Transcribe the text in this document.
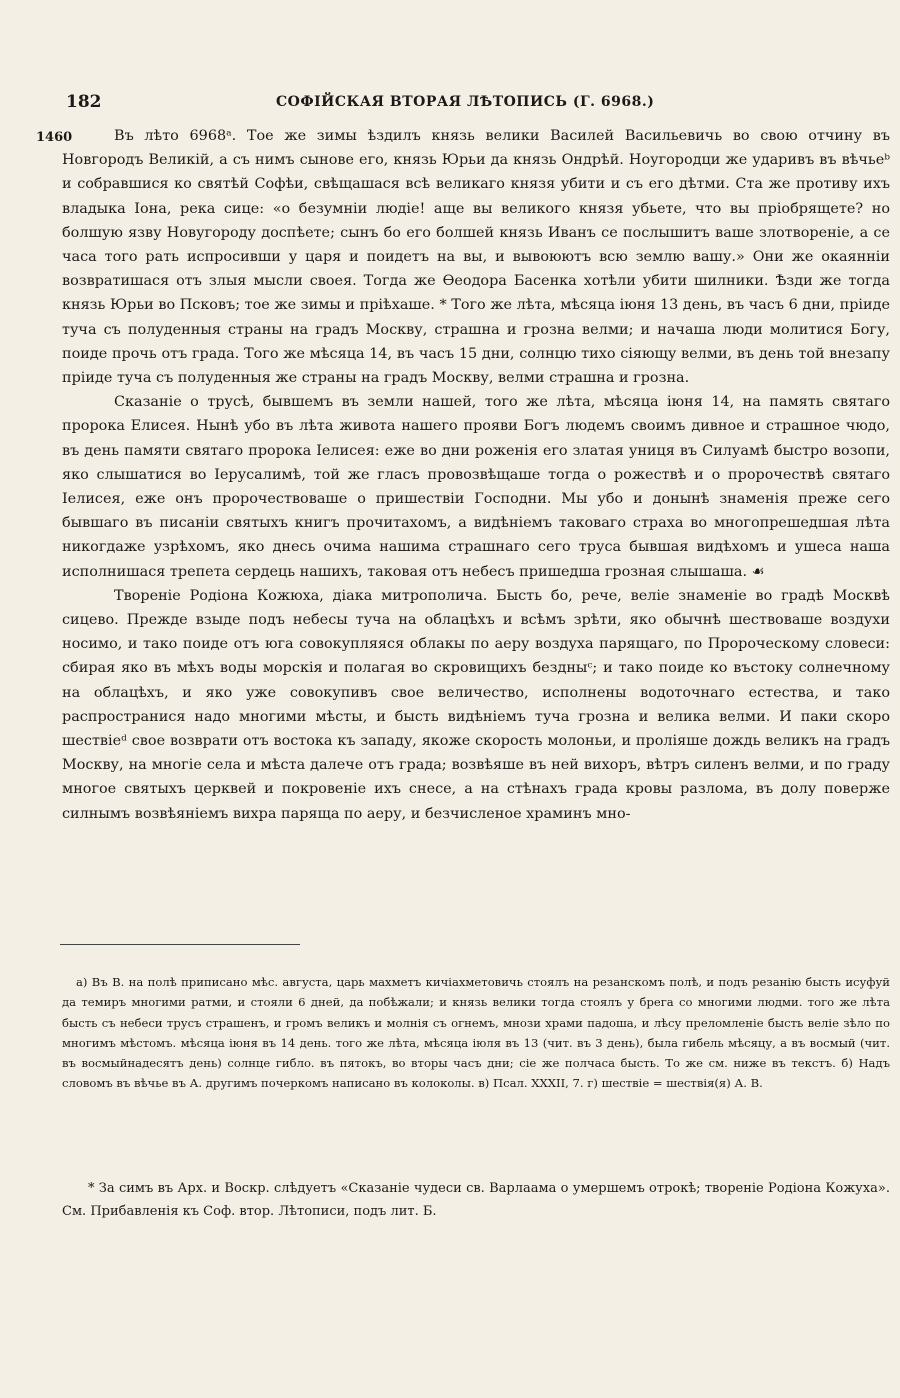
182	СОФІЙСКАЯ ВТОРАЯ ЛѢТОПИСЬ (Г. 6968.)
1460	Въ лѣто 6968ᵃ. Тое же зимы ѣздилъ князь велики Василей Васильевичь во свою отчину въ Новгородъ Великій, а съ нимъ сынове его, князь Юрьи да князь Ондрѣй. Ноугородци же ударивъ въ вѣчьеᵇ и собравшися ко святѣй Софѣи, свѣщашася всѣ великаго князя убити и съ его дѣтми. Ста же противу ихъ владыка Іона, река сице: «о безумніи людіе! аще вы великого князя убьете, что вы пріобрящете? но болшую язву Новугороду доспѣете; сынъ бо его болшей князь Иванъ се послышитъ ваше злотвореніе, а се часа того рать испросивши у царя и поидетъ на вы, и вывоюютъ всю землю вашу.» Они же окаянніи возвратишася отъ злыя мысли своея. Тогда же Ѳеодора Басенка хотѣли убити шилники. Ѣзди же тогда князь Юрьи во Псковъ; тое же зимы и пріѣхаше. * Того же лѣта, мѣсяца іюня 13 день, въ часъ 6 дни, пріиде туча съ полуденныя страны на градъ Москву, страшна и грозна велми; и начаша люди молитися Богу, поиде прочь отъ града. Того же мѣсяца 14, въ часъ 15 дни, солнцю тихо сіяющу велми, въ день той внезапу пріиде туча съ полуденныя же страны на градъ Москву, велми страшна и грозна.

Сказаніе о трусѣ, бывшемъ въ земли нашей, того же лѣта, мѣсяца іюня 14, на память святаго пророка Елисея. Нынѣ убо въ лѣта живота нашего прояви Богъ людемъ своимъ дивное и страшное чюдо, въ день памяти святаго пророка Іелисея: еже во дни роженія его златая униця въ Силуамѣ быстро возопи, яко слышатися во Іерусалимѣ, той же гласъ провозвѣщаше тогда о рожествѣ и о пророчествѣ святаго Іелисея, еже онъ пророчествоваше о пришествіи Господни. Мы убо и донынѣ знаменія преже сего бывшаго въ писаніи святыхъ книгъ прочитахомъ, а видѣніемъ таковаго страха во многопрешедшая лѣта никогдаже узрѣхомъ, яко днесь очима нашима страшнаго сего труса бывшая видѣхомъ и ушеса наша исполнишася трепета сердець нашихъ, таковая отъ небесъ пришедша грозная слышаша. ☙

Твореніе Родіона Кожюха, діака митрополича. Бысть бо, рече, веліе знаменіе во градѣ Москвѣ сицево. Прежде взыде подъ небесы туча на облацѣхъ и всѣмъ зрѣти, яко обычнѣ шествоваше воздухи носимо, и тако поиде отъ юга совокупляяся облакы по аеру воздуха парящаго, по Пророческому словеси: сбирая яко въ мѣхъ воды морскія и полагая во скровищихъ бездныᶜ; и тако поиде ко въстоку солнечному на облацѣхъ, и яко уже совокупивъ свое величество, исполнены водоточнаго естества, и тако распространися надо многими мѣсты, и бысть видѣніемъ туча грозна и велика велми. И паки скоро шествіеᵈ свое возврати отъ востока къ западу, якоже скорость молоньи, и проліяше дождь великъ на градъ Москву, на многіе села и мѣста далече отъ града; возвѣяше въ ней вихоръ, вѣтръ силенъ велми, и по граду многое святыхъ церквей и покровеніе ихъ снесе, а на стѣнахъ града кровы разлома, въ долу поверже силнымъ возвѣяніемъ вихра паряща по аеру, и безчисленое храминъ мно-

а) Въ В. на полѣ приписано мѣс. августа, царь махметъ кичіахметовичь стоялъ на резанскомъ полѣ, и подъ резанію бысть исуфуй да темиръ многими ратми, и стояли 6 дней, да побѣжали; и князь велики тогда стоялъ у брега со многими людми. того же лѣта бысть съ небеси трусъ страшенъ, и громъ великъ и молнія съ огнемъ, мнози храми падоша, и лѣсу преломленіе бысть веліе зѣло по многимъ мѣстомъ. мѣсяца іюня въ 14 день. того же лѣта, мѣсяца іюля въ 13 (чит. въ 3 день), была гибель мѣсяцу, а въ восмый (чит. въ восмыйнадесятъ день) солнце гибло. въ пятокъ, во вторы часъ дни; сіе же полчаса бысть. То же см. ниже въ текстъ. б) Надъ словомъ въ вѣчье въ А. другимъ почеркомъ написано въ колоколы. в) Псал. XXXII, 7. г) шествіе = шествія(я) А. В.

* За симъ въ Арх. и Воскр. слѣдуетъ «Сказаніе чудеси св. Варлаама о умершемъ отрокѣ; твореніе Родіона Кожуха». См. Прибавленія къ Соф. втор. Лѣтописи, подъ лит. Б.
